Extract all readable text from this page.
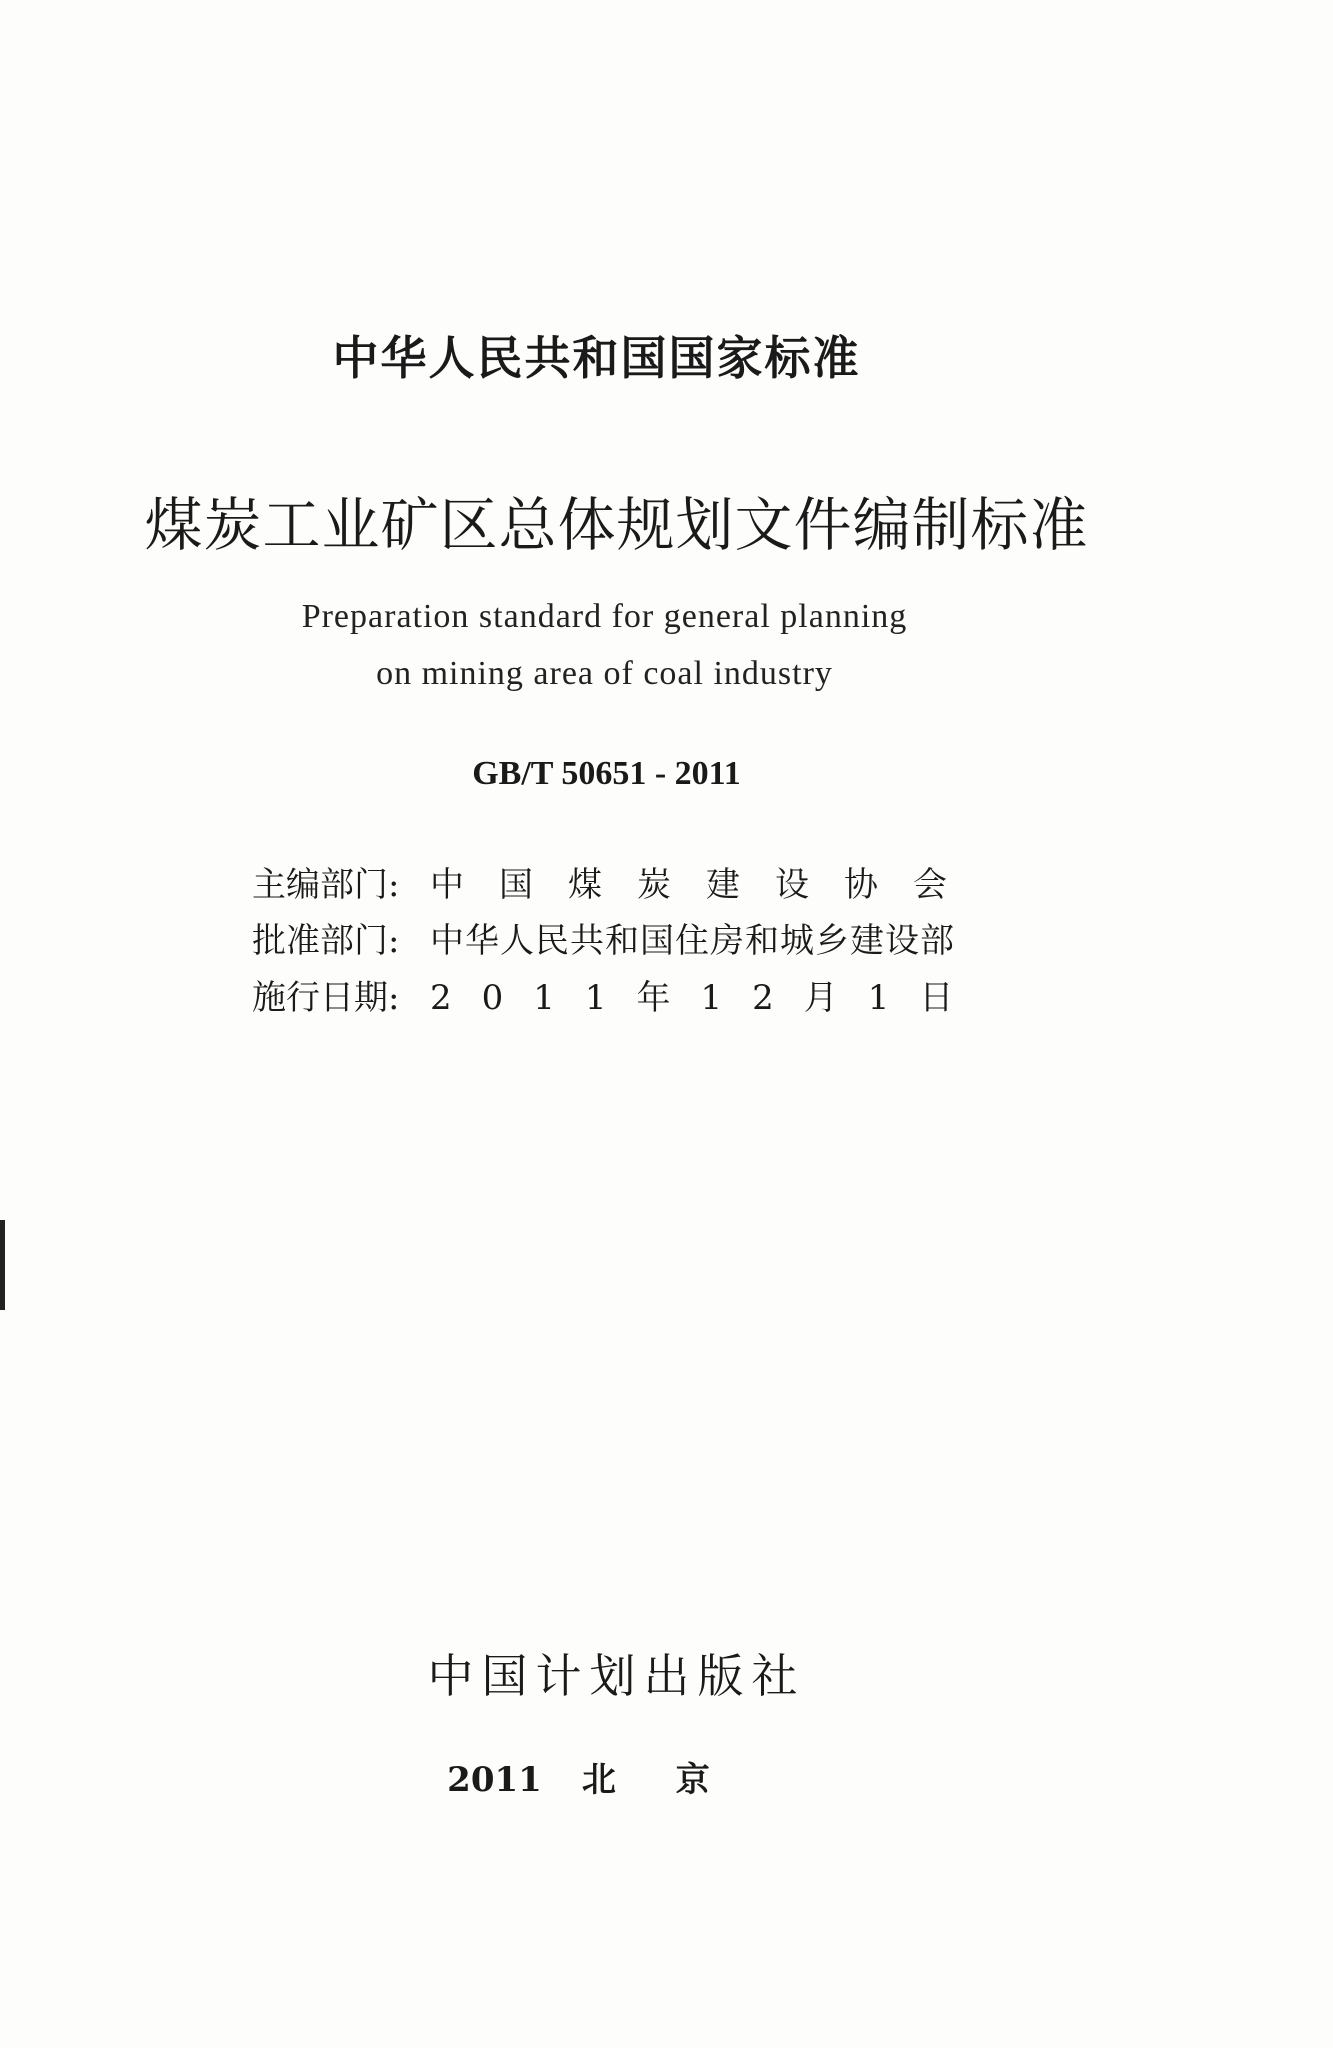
中华人民共和国国家标准
煤炭工业矿区总体规划文件编制标准
Preparation standard for general planning
on mining area of coal industry
GB/T 50651 - 2011
主编部门: 中国煤炭建设协会
批准部门: 中华人民共和国住房和城乡建设部
施行日期: 2011年12月1日
中国计划出版社
2011 北京
